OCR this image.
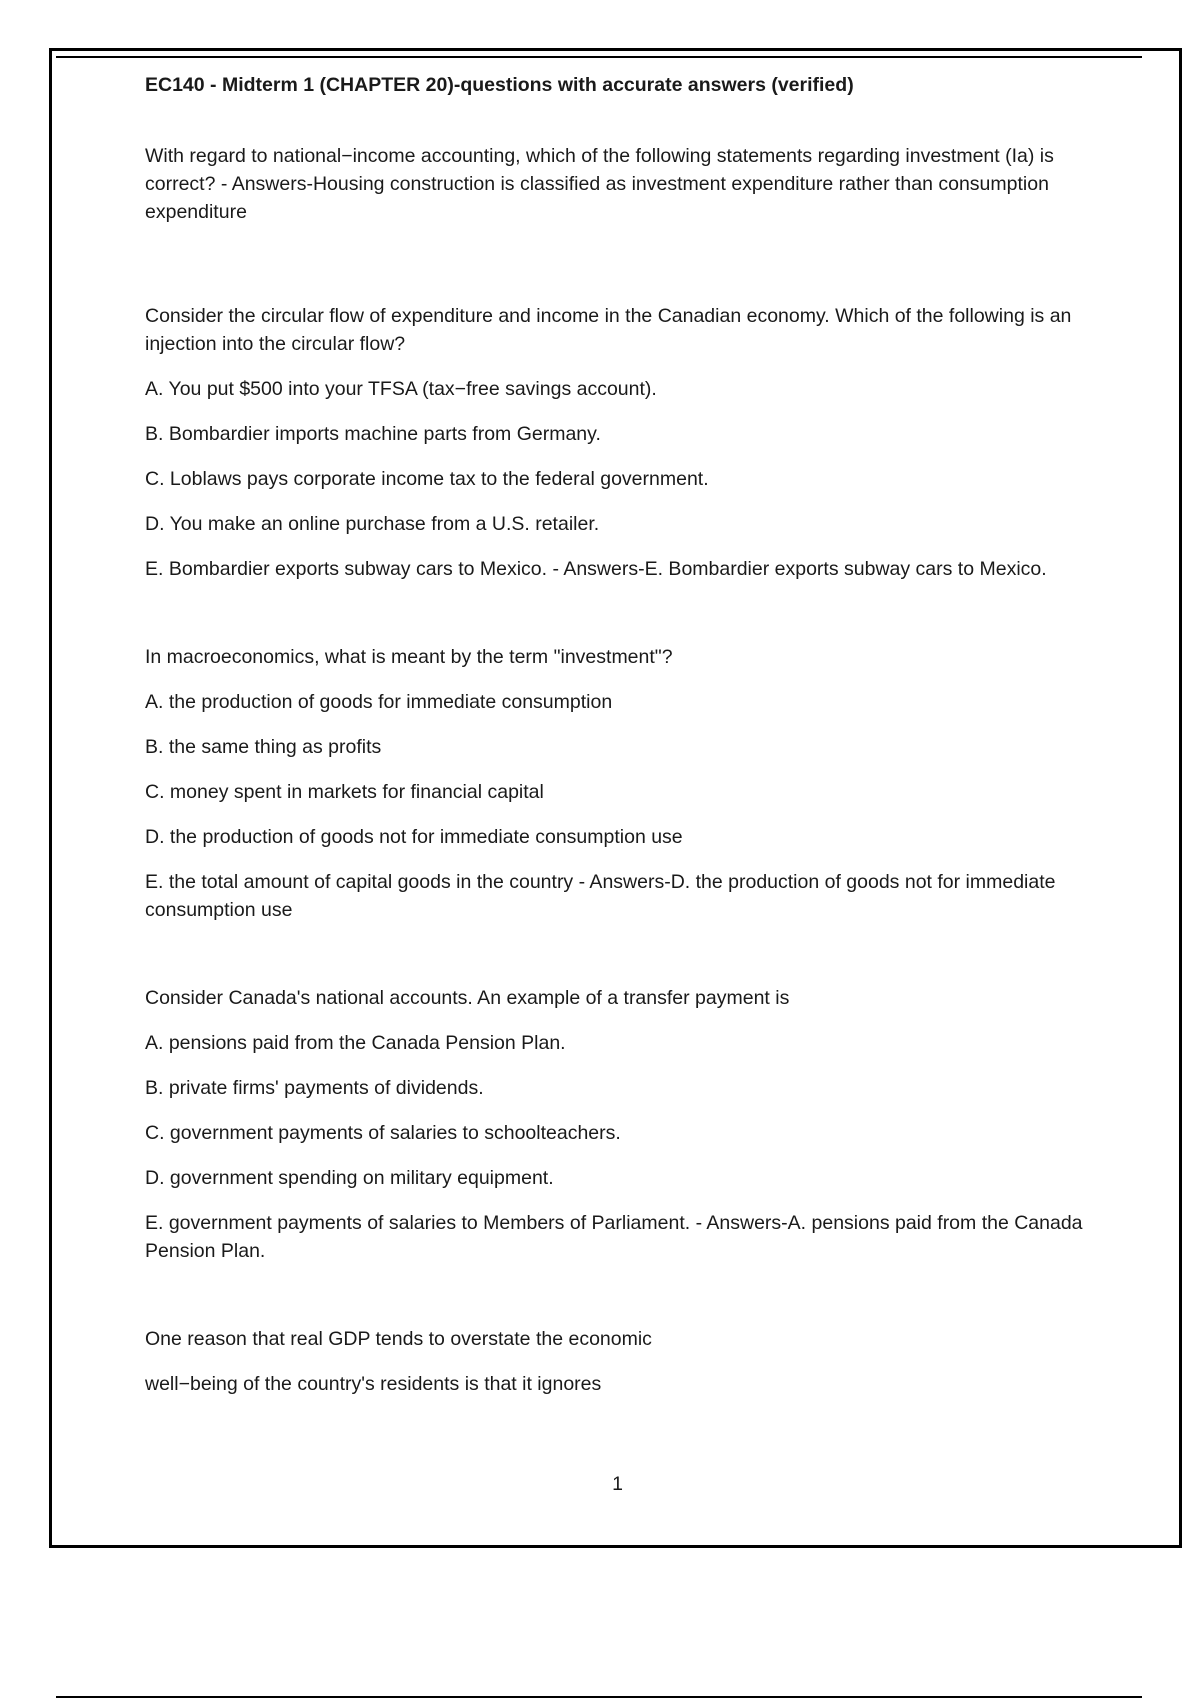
EC140 - Midterm 1 (CHAPTER 20)-questions with accurate answers (verified)

With regard to national−income accounting, which of the following statements regarding investment (Ia) is correct? - Answers-Housing construction is classified as investment expenditure rather than consumption expenditure

Consider the circular flow of expenditure and income in the Canadian economy. Which of the following is an injection into the circular flow?

A. You put $500 into your TFSA (tax−free savings account).

B. Bombardier imports machine parts from Germany.

C. Loblaws pays corporate income tax to the federal government.

D. You make an online purchase from a U.S. retailer.

E. Bombardier exports subway cars to Mexico. - Answers-E. Bombardier exports subway cars to Mexico.

In macroeconomics, what is meant by the term "investment"?

A. the production of goods for immediate consumption

B. the same thing as profits

C. money spent in markets for financial capital

D. the production of goods not for immediate consumption use

E. the total amount of capital goods in the country - Answers-D. the production of goods not for immediate consumption use

Consider Canada's national accounts. An example of a transfer payment is

A. pensions paid from the Canada Pension Plan.

B. private firms' payments of dividends.

C. government payments of salaries to schoolteachers.

D. government spending on military equipment.

E. government payments of salaries to Members of Parliament. - Answers-A. pensions paid from the Canada Pension Plan.

One reason that real GDP tends to overstate the economic

well−being of the country's residents is that it ignores

1
